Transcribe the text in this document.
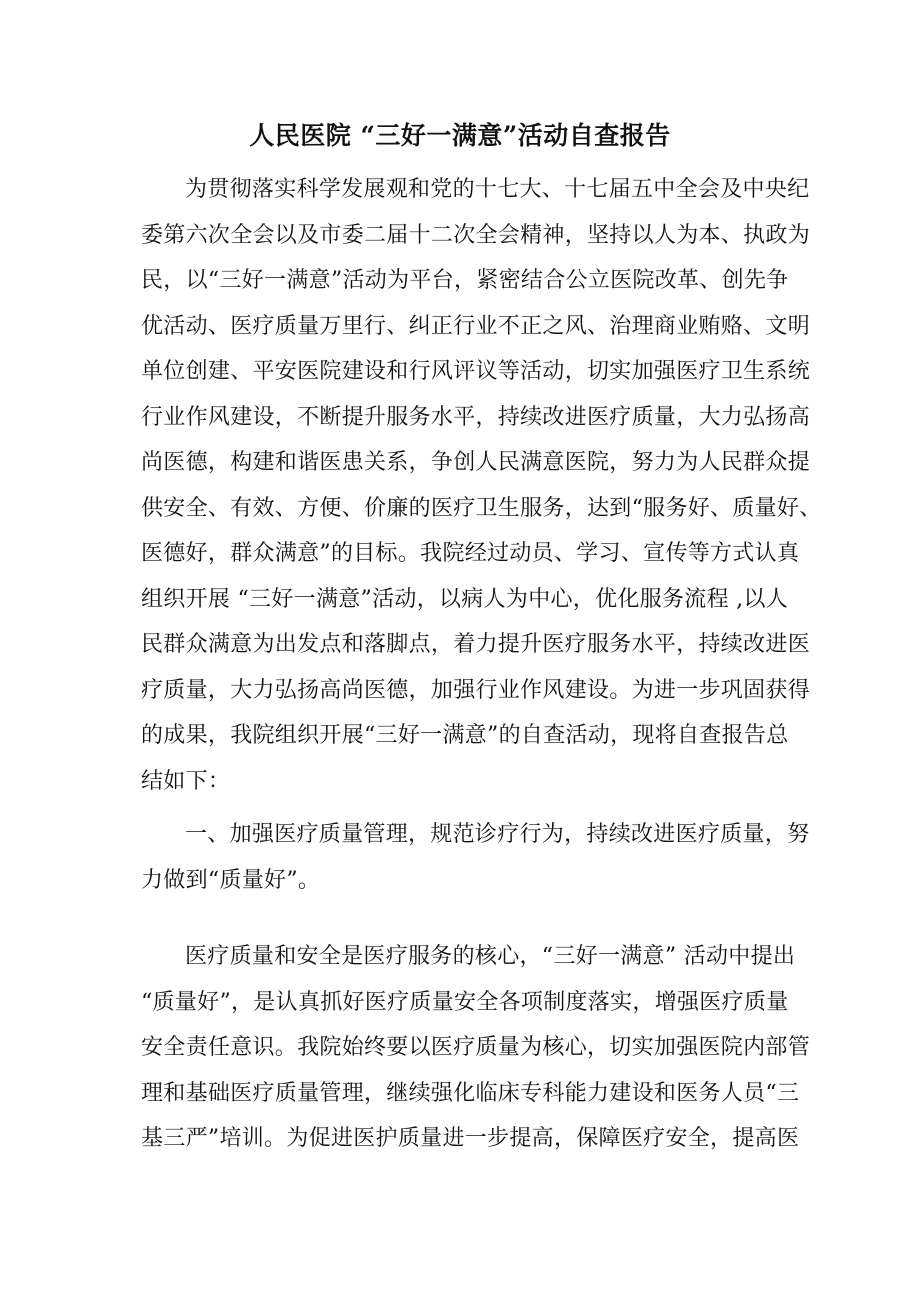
人民医院 “三好一满意”活动自查报告
为贯彻落实科学发展观和党的十七大、十七届五中全会及中央纪
委第六次全会以及市委二届十二次全会精神，坚持以人为本、执政为
民，以“三好一满意”活动为平台，紧密结合公立医院改革、创先争
优活动、医疗质量万里行、纠正行业不正之风、治理商业贿赂、文明
单位创建、平安医院建设和行风评议等活动，切实加强医疗卫生系统
行业作风建设，不断提升服务水平，持续改进医疗质量，大力弘扬高
尚医德，构建和谐医患关系，争创人民满意医院，努力为人民群众提
供安全、有效、方便、价廉的医疗卫生服务，达到“服务好、质量好、
医德好，群众满意”的目标。我院经过动员、学习、宣传等方式认真
组织开展 “三好一满意”活动，以病人为中心，优化服务流程 ,以人
民群众满意为出发点和落脚点，着力提升医疗服务水平，持续改进医
疗质量，大力弘扬高尚医德，加强行业作风建设。为进一步巩固获得
的成果，我院组织开展“三好一满意”的自查活动，现将自查报告总
结如下：
一、加强医疗质量管理，规范诊疗行为，持续改进医疗质量，努
力做到“质量好”。
医疗质量和安全是医疗服务的核心，“三好一满意” 活动中提出
“质量好”，是认真抓好医疗质量安全各项制度落实，增强医疗质量
安全责任意识。我院始终要以医疗质量为核心，切实加强医院内部管
理和基础医疗质量管理，继续强化临床专科能力建设和医务人员“三
基三严”培训。为促进医护质量进一步提高，保障医疗安全，提高医
